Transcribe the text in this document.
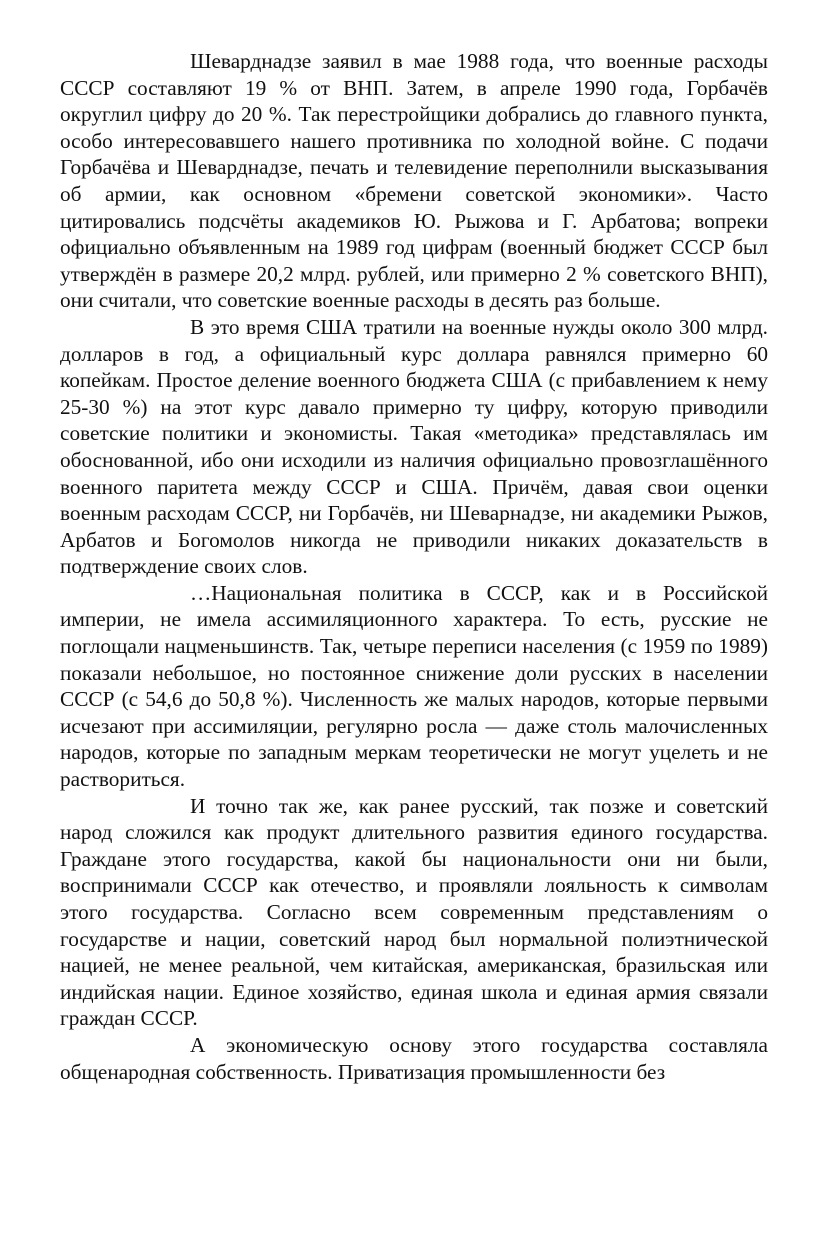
Шеварднадзе заявил в мае 1988 года, что военные расходы СССР составляют 19 % от ВНП. Затем, в апреле 1990 года, Горбачёв округлил цифру до 20 %. Так перестройщики добрались до главного пункта, особо интересовавшего нашего противника по холодной войне. С подачи Горбачёва и Шеварднадзе, печать и телевидение переполнили высказывания об армии, как основном «бремени советской экономики». Часто цитировались подсчёты академиков Ю. Рыжова и Г. Арбатова; вопреки официально объявленным на 1989 год цифрам (военный бюджет СССР был утверждён в размере 20,2 млрд. рублей, или примерно 2 % советского ВНП), они считали, что советские военные расходы в десять раз больше.

В это время США тратили на военные нужды около 300 млрд. долларов в год, а официальный курс доллара равнялся примерно 60 копейкам. Простое деление военного бюджета США (с прибавлением к нему 25-30 %) на этот курс давало примерно ту цифру, которую приводили советские политики и экономисты. Такая «методика» представлялась им обоснованной, ибо они исходили из наличия официально провозглашённого военного паритета между СССР и США. Причём, давая свои оценки военным расходам СССР, ни Горбачёв, ни Шеварнадзе, ни академики Рыжов, Арбатов и Богомолов никогда не приводили никаких доказательств в подтверждение своих слов.

…Национальная политика в СССР, как и в Российской империи, не имела ассимиляционного характера. То есть, русские не поглощали нацменьшинств. Так, четыре переписи населения (с 1959 по 1989) показали небольшое, но постоянное снижение доли русских в населении СССР (с 54,6 до 50,8 %). Численность же малых народов, которые первыми исчезают при ассимиляции, регулярно росла — даже столь малочисленных народов, которые по западным меркам теоретически не могут уцелеть и не раствориться.

И точно так же, как ранее русский, так позже и советский народ сложился как продукт длительного развития единого государства. Граждане этого государства, какой бы национальности они ни были, воспринимали СССР как отечество, и проявляли лояльность к символам этого государства. Согласно всем современным представлениям о государстве и нации, советский народ был нормальной полиэтнической нацией, не менее реальной, чем китайская, американская, бразильская или индийская нации. Единое хозяйство, единая школа и единая армия связали граждан СССР.

А экономическую основу этого государства составляла общенародная собственность. Приватизация промышленности без
